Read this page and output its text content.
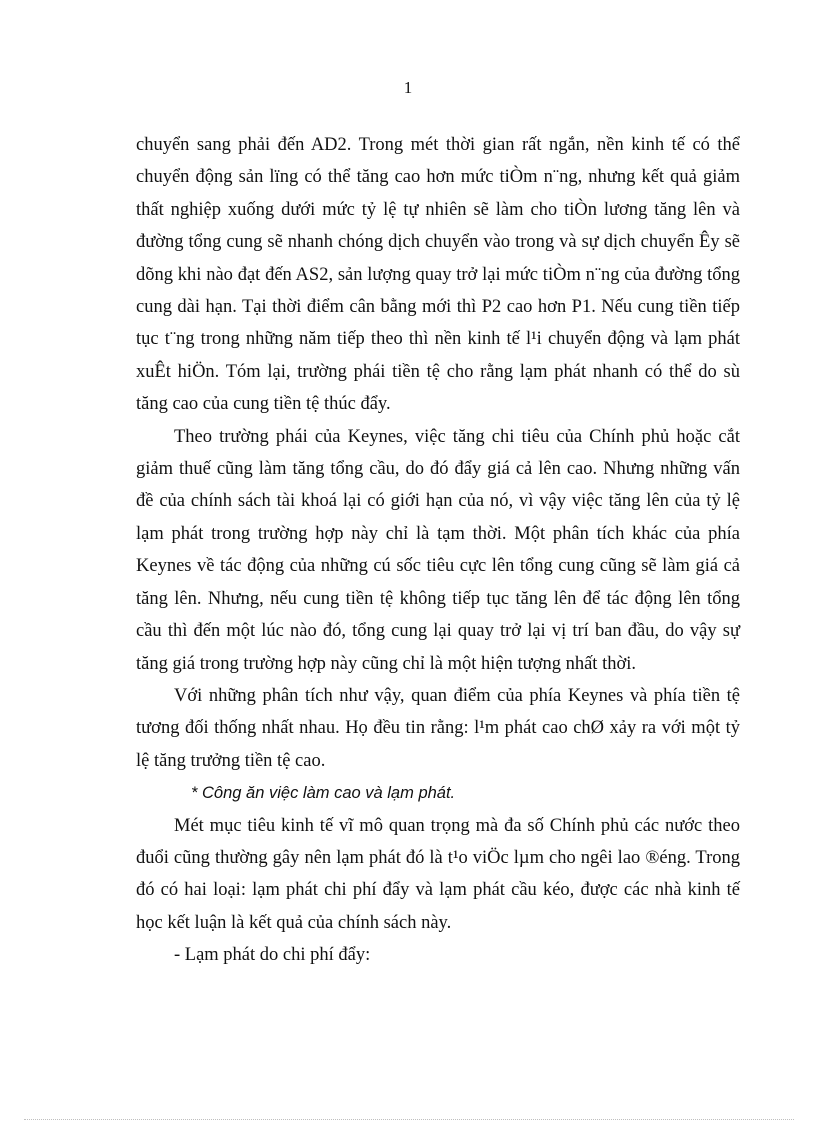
1

chuyển sang phải đến AD2. Trong mét thời gian rất ngắn, nền kinh tế có thể chuyển động sản lïng có thể tăng cao hơn mức tiÒm n¨ng, nhưng kết quả giảm thất nghiệp xuống dưới mức tỷ lệ tự nhiên sẽ làm cho tiÒn lương tăng lên và đường tổng cung sẽ nhanh chóng dịch chuyển vào trong và sự dịch chuyển Êy sẽ dõng khi nào đạt đến AS2, sản lượng quay trở lại mức tiÒm n¨ng của đường tổng cung dài hạn. Tại thời điểm cân bằng mới thì P2 cao hơn P1. Nếu cung tiền tiếp tục t¨ng trong những năm tiếp theo thì nền kinh tế l¹i chuyển động và lạm phát xuÊt hiÖn. Tóm lại, trường phái tiền tệ cho rằng lạm phát nhanh có thể do sù tăng cao của cung tiền tệ thúc đẩy.

Theo trường phái của Keynes, việc tăng chi tiêu của Chính phủ hoặc cắt giảm thuế cũng làm tăng tổng cầu, do đó đẩy giá cả lên cao. Nhưng những vấn đề của chính sách tài khoá lại có giới hạn của nó, vì vậy việc tăng lên của tỷ lệ lạm phát trong trường hợp này chỉ là tạm thời. Một phân tích khác của phía Keynes về tác động của những cú sốc tiêu cực lên tổng cung cũng sẽ làm giá cả tăng lên. Nhưng, nếu cung tiền tệ không tiếp tục tăng lên để tác động lên tổng cầu thì đến một lúc nào đó, tổng cung lại quay trở lại vị trí ban đầu, do vậy sự tăng giá trong trường hợp này cũng chỉ là một hiện tượng nhất thời.

Với những phân tích như vậy, quan điểm của phía Keynes và phía tiền tệ tương đối thống nhất nhau. Họ đều tin rằng: l¹m phát cao chØ xảy ra với một tỷ lệ tăng trưởng tiền tệ cao.

* Công ăn việc làm cao và lạm phát.

Mét mục tiêu kinh tế vĩ mô quan trọng mà đa số Chính phủ các nước theo đuổi cũng thường gây nên lạm phát đó là t¹o viÖc lµm cho ngêi lao ®éng. Trong đó có hai loại: lạm phát chi phí đẩy và lạm phát cầu kéo, được các nhà kinh tế học kết luận là kết quả của chính sách này.

- Lạm phát do chi phí đẩy:
